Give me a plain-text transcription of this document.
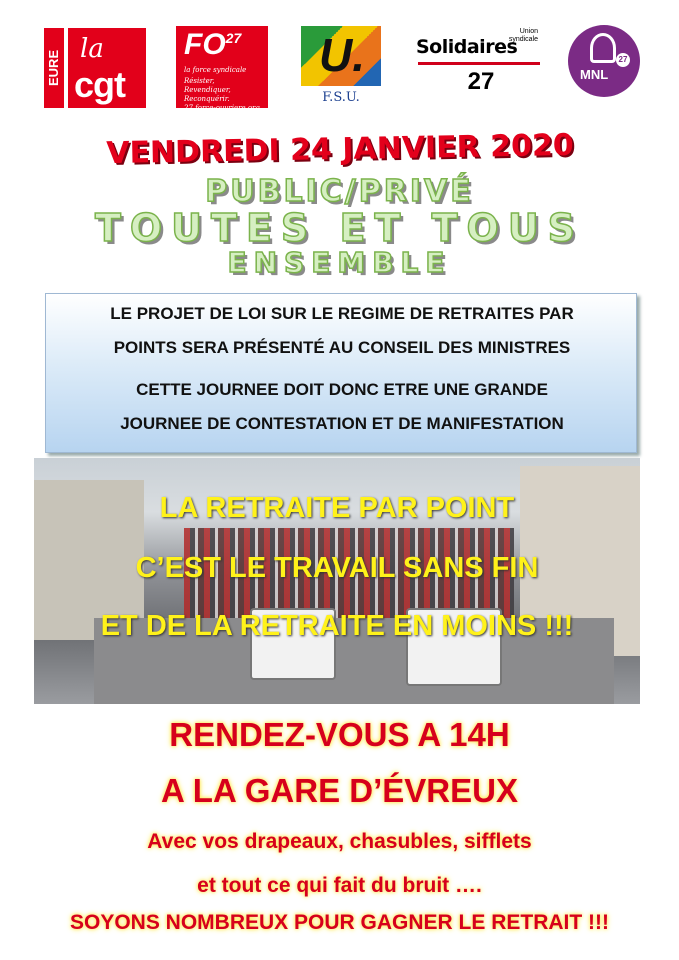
EURE
la
cgt
FO$^{27}$
la force syndicale
Résister,
Revendiquer, Reconquérir.
27.force-ouvriere.org
U.
F.S.U.
Union
syndicale
Solidaires
27
27
MNL
VENDREDI 24 JANVIER 2020
PUBLIC/PRIVÉ
TOUTES ET TOUS
ENSEMBLE

LE PROJET DE LOI SUR LE REGIME DE RETRAITES PAR

POINTS SERA PRÉSENTÉ AU CONSEIL DES MINISTRES

CETTE JOURNEE DOIT DONC ETRE UNE GRANDE

JOURNEE DE CONTESTATION ET DE MANIFESTATION

LA RETRAITE PAR POINT
C’EST LE TRAVAIL SANS FIN
ET DE LA RETRAITE EN MOINS !!!
RENDEZ-VOUS A 14H
A LA GARE D’ÉVREUX
Avec vos drapeaux, chasubles, sifflets
et tout ce qui fait du bruit ….
SOYONS NOMBREUX POUR GAGNER LE RETRAIT !!!
